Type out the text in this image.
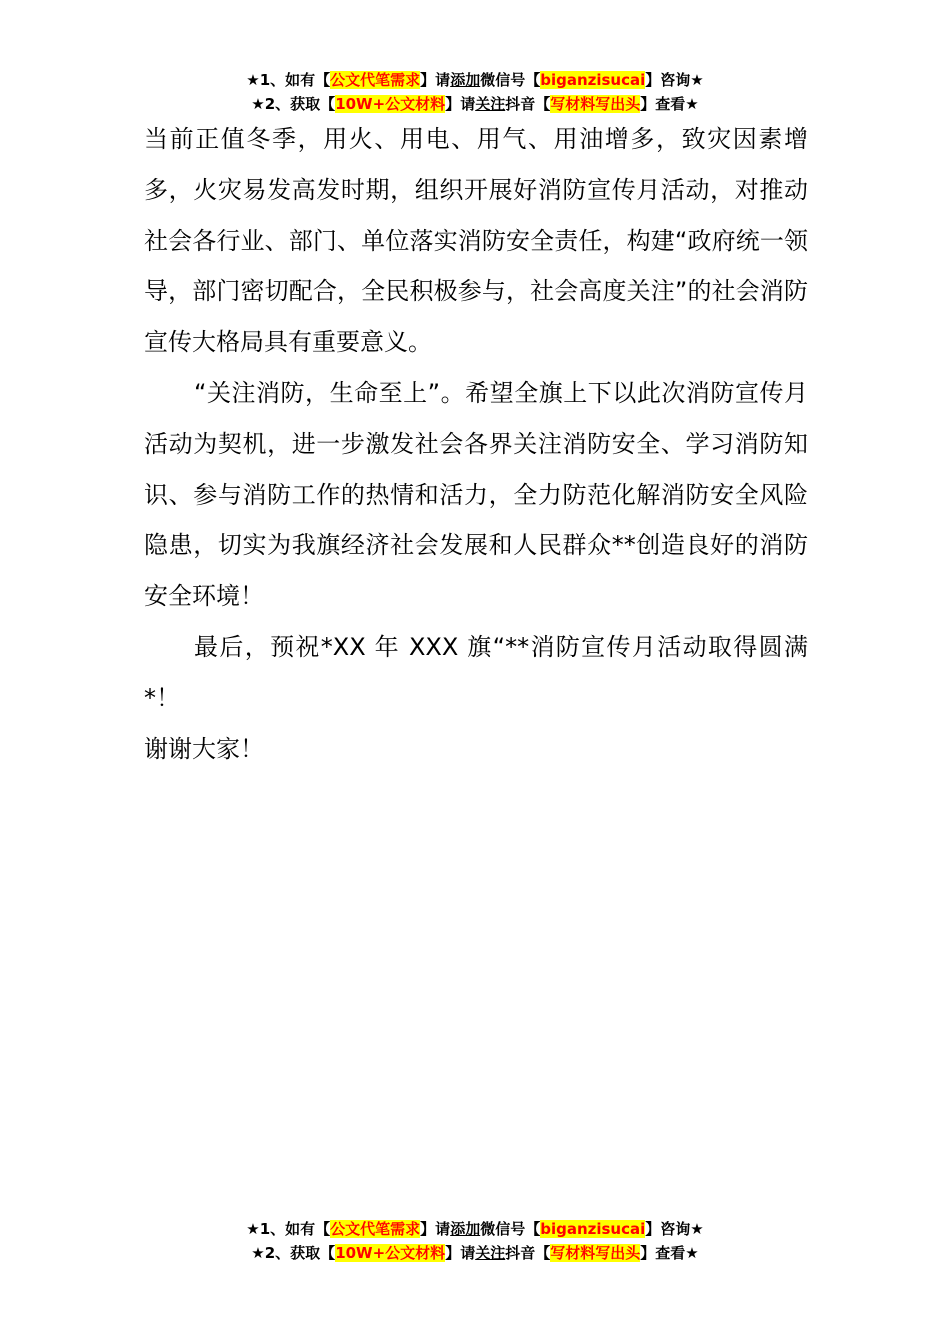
★1、如有【公文代笔需求】请添加微信号【biganzisucai】咨询★
★2、获取【10W+公文材料】请关注抖音【写材料写出头】查看★

当前正值冬季，用火、用电、用气、用油增多，致灾因素增多，火灾易发高发时期，组织开展好消防宣传月活动，对推动社会各行业、部门、单位落实消防安全责任，构建“政府统一领导，部门密切配合，全民积极参与，社会高度关注”的社会消防宣传大格局具有重要意义。

“关注消防，生命至上”。希望全旗上下以此次消防宣传月活动为契机，进一步激发社会各界关注消防安全、学习消防知识、参与消防工作的热情和活力，全力防范化解消防安全风险隐患，切实为我旗经济社会发展和人民群众**创造良好的消防安全环境！

最后，预祝*XX 年 XXX 旗“**消防宣传月活动取得圆满*！

谢谢大家！

★1、如有【公文代笔需求】请添加微信号【biganzisucai】咨询★
★2、获取【10W+公文材料】请关注抖音【写材料写出头】查看★
